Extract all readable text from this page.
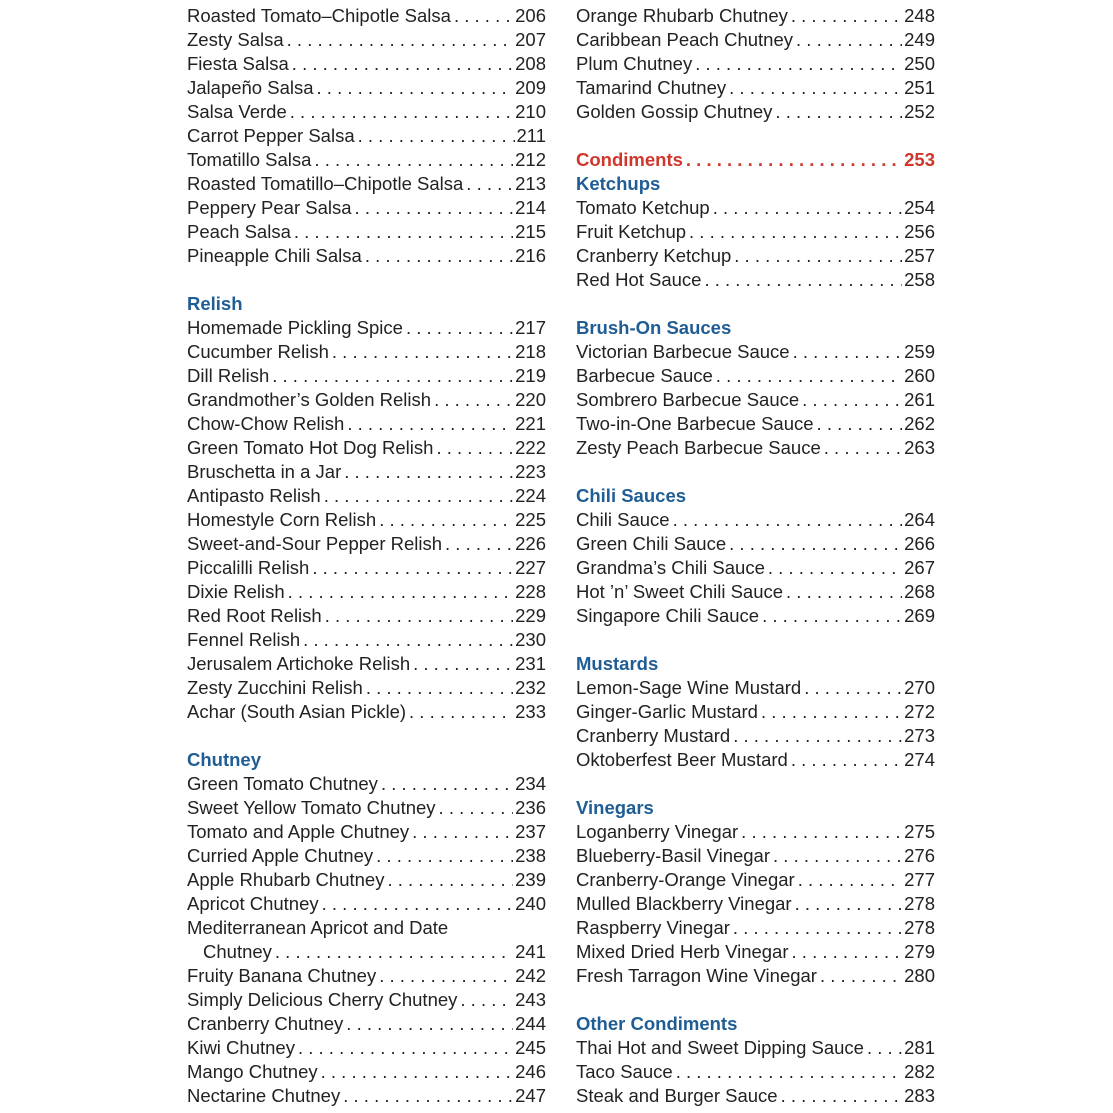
Roasted Tomato–Chipotle Salsa . . .	206
Zesty Salsa . . .	207
Fiesta Salsa . . .	208
Jalapeño Salsa . . .	209
Salsa Verde . . .	210
Carrot Pepper Salsa . . .	211
Tomatillo Salsa . . .	212
Roasted Tomatillo–Chipotle Salsa . . .	213
Peppery Pear Salsa . . .	214
Peach Salsa . . .	215
Pineapple Chili Salsa . . .	216
Relish
Homemade Pickling Spice . . .	217
Cucumber Relish . . .	218
Dill Relish . . .	219
Grandmother’s Golden Relish . . .	220
Chow-Chow Relish . . .	221
Green Tomato Hot Dog Relish . . .	222
Bruschetta in a Jar . . .	223
Antipasto Relish . . .	224
Homestyle Corn Relish . . .	225
Sweet-and-Sour Pepper Relish . . .	226
Piccalilli Relish . . .	227
Dixie Relish . . .	228
Red Root Relish . . .	229
Fennel Relish . . .	230
Jerusalem Artichoke Relish . . .	231
Zesty Zucchini Relish . . .	232
Achar (South Asian Pickle) . . .	233
Chutney
Green Tomato Chutney . . .	234
Sweet Yellow Tomato Chutney . . .	236
Tomato and Apple Chutney . . .	237
Curried Apple Chutney . . .	238
Apple Rhubarb Chutney . . .	239
Apricot Chutney . . .	240
Mediterranean Apricot and Date
Chutney . . .	241
Fruity Banana Chutney . . .	242
Simply Delicious Cherry Chutney . . .	243
Cranberry Chutney . . .	244
Kiwi Chutney . . .	245
Mango Chutney . . .	246
Nectarine Chutney . . .	247
Orange Rhubarb Chutney . . .	248
Caribbean Peach Chutney . . .	249
Plum Chutney . . .	250
Tamarind Chutney . . .	251
Golden Gossip Chutney . . .	252
Condiments . . .	253
Ketchups
Tomato Ketchup . . .	254
Fruit Ketchup . . .	256
Cranberry Ketchup . . .	257
Red Hot Sauce . . .	258
Brush-On Sauces
Victorian Barbecue Sauce . . .	259
Barbecue Sauce . . .	260
Sombrero Barbecue Sauce . . .	261
Two-in-One Barbecue Sauce . . .	262
Zesty Peach Barbecue Sauce . . .	263
Chili Sauces
Chili Sauce . . .	264
Green Chili Sauce . . .	266
Grandma’s Chili Sauce . . .	267
Hot ’n’ Sweet Chili Sauce . . .	268
Singapore Chili Sauce . . .	269
Mustards
Lemon-Sage Wine Mustard . . .	270
Ginger-Garlic Mustard . . .	272
Cranberry Mustard . . .	273
Oktoberfest Beer Mustard . . .	274
Vinegars
Loganberry Vinegar . . .	275
Blueberry-Basil Vinegar . . .	276
Cranberry-Orange Vinegar . . .	277
Mulled Blackberry Vinegar . . .	278
Raspberry Vinegar . . .	278
Mixed Dried Herb Vinegar . . .	279
Fresh Tarragon Wine Vinegar . . .	280
Other Condiments
Thai Hot and Sweet Dipping Sauce . . . 281
Taco Sauce . . .	282
Steak and Burger Sauce . . .	283
